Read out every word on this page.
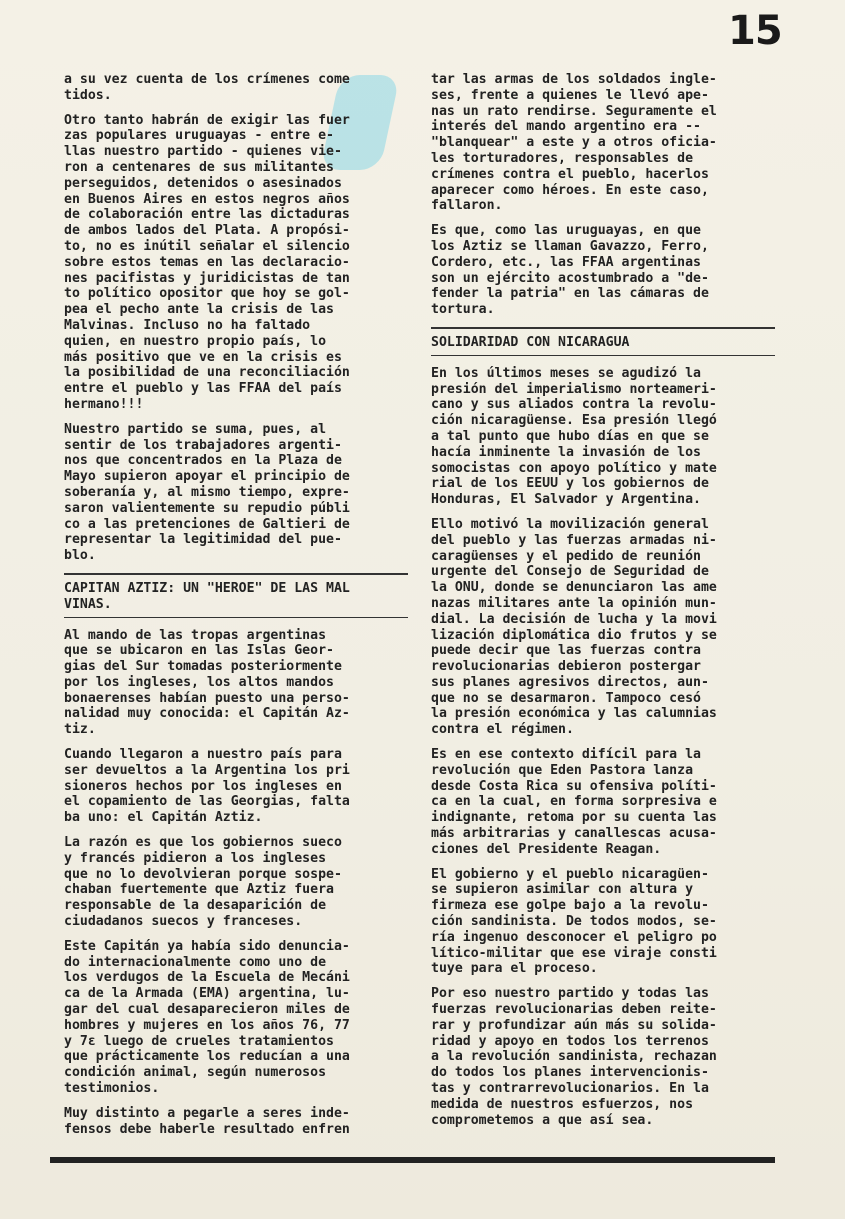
15

a su vez cuenta de los crímenes come
tidos.

Otro tanto habrán de exigir las fuer
zas populares uruguayas - entre e-
llas nuestro partido - quienes vie-
ron a centenares de sus militantes
perseguidos, detenidos o asesinados
en Buenos Aires en estos negros años
de colaboración entre las dictaduras
de ambos lados del Plata. A propósi-
to, no es inútil señalar el silencio
sobre estos temas en las declaracio-
nes pacifistas y juridicistas de tan
to político opositor que hoy se gol-
pea el pecho ante la crisis de las
Malvinas. Incluso no ha faltado
quien, en nuestro propio país, lo
más positivo que ve en la crisis es
la posibilidad de una reconciliación
entre el pueblo y las FFAA del país
hermano!!!

Nuestro partido se suma, pues, al
sentir de los trabajadores argenti-
nos que concentrados en la Plaza de
Mayo supieron apoyar el principio de
soberanía y, al mismo tiempo, expre-
saron valientemente su repudio públi
co a las pretenciones de Galtieri de
representar la legitimidad del pue-
blo.

CAPITAN AZTIZ: UN "HEROE" DE LAS MAL
VINAS.

Al mando de las tropas argentinas
que se ubicaron en las Islas Geor-
gias del Sur tomadas posteriormente
por los ingleses, los altos mandos
bonaerenses habían puesto una perso-
nalidad muy conocida: el Capitán Az-
tiz.

Cuando llegaron a nuestro país para
ser devueltos a la Argentina los pri
sioneros hechos por los ingleses en
el copamiento de las Georgias, falta
ba uno: el Capitán Aztiz.

La razón es que los gobiernos sueco
y francés pidieron a los ingleses
que no lo devolvieran porque sospe-
chaban fuertemente que Aztiz fuera
responsable de la desaparición de
ciudadanos suecos y franceses.

Este Capitán ya había sido denuncia-
do internacionalmente como uno de
los verdugos de la Escuela de Mecáni
ca de la Armada (EMA) argentina, lu-
gar del cual desaparecieron miles de
hombres y mujeres en los años 76, 77
y 7ε luego de crueles tratamientos
que prácticamente los reducían a una
condición animal, según numerosos
testimonios.

Muy distinto a pegarle a seres inde-
fensos debe haberle resultado enfren

tar las armas de los soldados ingle-
ses, frente a quienes le llevó ape-
nas un rato rendirse. Seguramente el
interés del mando argentino era --
"blanquear" a este y a otros oficia-
les torturadores, responsables de
crímenes contra el pueblo, hacerlos
aparecer como héroes. En este caso,
fallaron.

Es que, como las uruguayas, en que
los Aztiz se llaman Gavazzo, Ferro,
Cordero, etc., las FFAA argentinas
son un ejército acostumbrado a "de-
fender la patria" en las cámaras de
tortura.

SOLIDARIDAD CON NICARAGUA

En los últimos meses se agudizó la
presión del imperialismo norteameri-
cano y sus aliados contra la revolu-
ción nicaragüense. Esa presión llegó
a tal punto que hubo días en que se
hacía inminente la invasión de los
somocistas con apoyo político y mate
rial de los EEUU y los gobiernos de
Honduras, El Salvador y Argentina.

Ello motivó la movilización general
del pueblo y las fuerzas armadas ni-
caragüenses y el pedido de reunión
urgente del Consejo de Seguridad de
la ONU, donde se denunciaron las ame
nazas militares ante la opinión mun-
dial. La decisión de lucha y la movi
lización diplomática dio frutos y se
puede decir que las fuerzas contra
revolucionarias debieron postergar
sus planes agresivos directos, aun-
que no se desarmaron. Tampoco cesó
la presión económica y las calumnias
contra el régimen.

Es en ese contexto difícil para la
revolución que Eden Pastora lanza
desde Costa Rica su ofensiva políti-
ca en la cual, en forma sorpresiva e
indignante, retoma por su cuenta las
más arbitrarias y canallescas acusa-
ciones del Presidente Reagan.

El gobierno y el pueblo nicaragüen-
se supieron asimilar con altura y
firmeza ese golpe bajo a la revolu-
ción sandinista. De todos modos, se-
ría ingenuo desconocer el peligro po
lítico-militar que ese viraje consti
tuye para el proceso.

Por eso nuestro partido y todas las
fuerzas revolucionarias deben reite-
rar y profundizar aún más su solida-
ridad y apoyo en todos los terrenos
a la revolución sandinista, rechazan
do todos los planes intervencionis-
tas y contrarrevolucionarios. En la
medida de nuestros esfuerzos, nos
comprometemos a que así sea.
